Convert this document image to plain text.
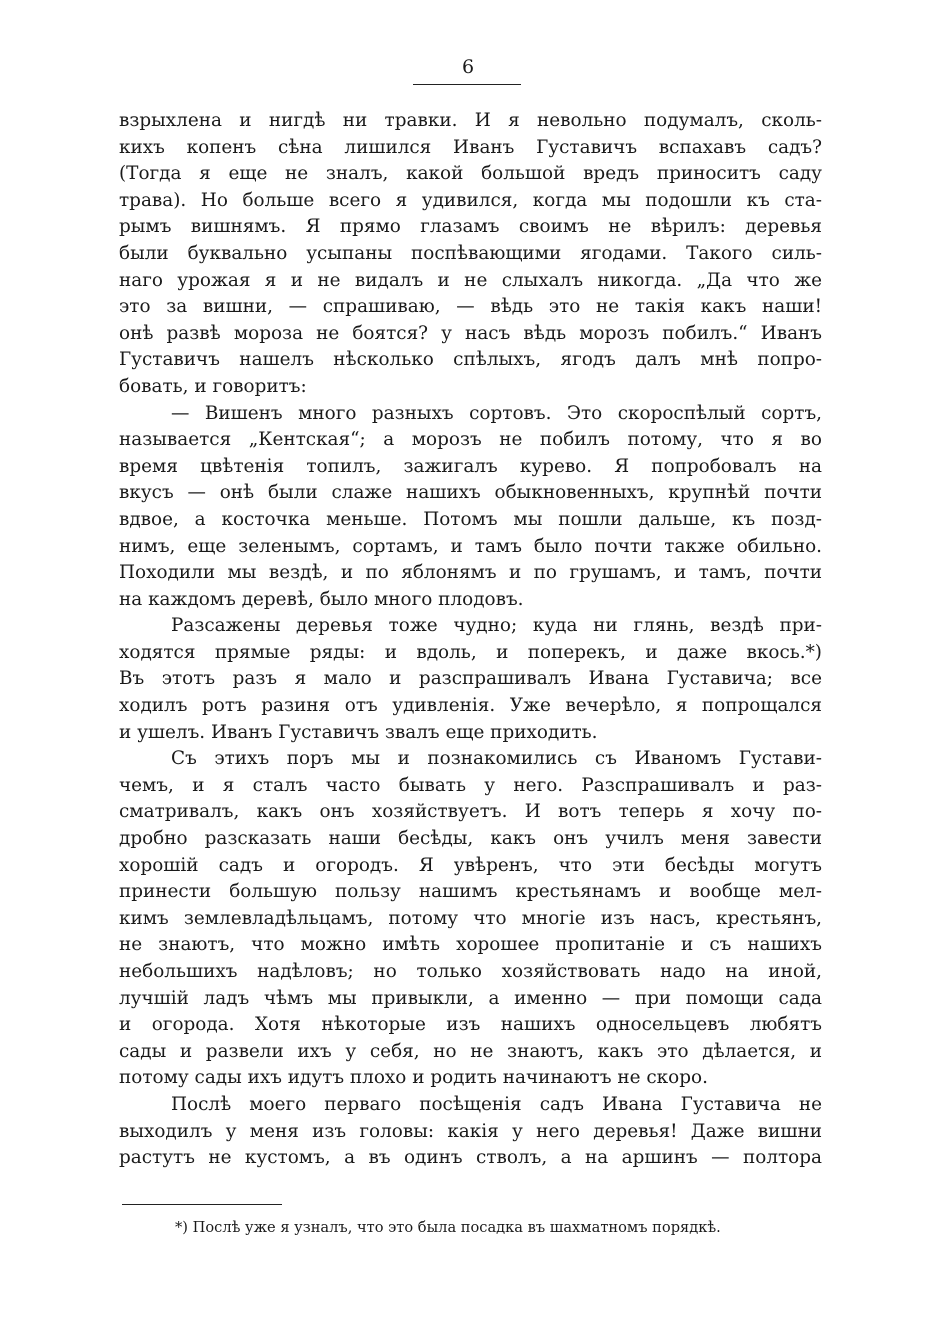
6
взрыхлена и нигдѣ ни травки. И я невольно подумалъ, сколь-
кихъ копенъ сѣна лишился Иванъ Густавичъ вспахавъ садъ?
(Тогда я еще не зналъ, какой большой вредъ приноситъ саду
трава). Но больше всего я удивился, когда мы подошли къ ста-
рымъ вишнямъ. Я прямо глазамъ своимъ не вѣрилъ: деревья
были буквально усыпаны поспѣвающими ягодами. Такого силь-
наго урожая я и не видалъ и не слыхалъ никогда. „Да что же
это за вишни, — спрашиваю, — вѣдь это не такія какъ наши!
онѣ развѣ мороза не боятся? у насъ вѣдь морозъ побилъ.“ Иванъ
Густавичъ нашелъ нѣсколько спѣлыхъ, ягодъ далъ мнѣ попро-
бовать, и говоритъ:
— Вишенъ много разныхъ сортовъ. Это скороспѣлый сортъ,
называется „Кентская“; а морозъ не побилъ потому, что я во
время цвѣтенія топилъ, зажигалъ курево. Я попробовалъ на
вкусъ — онѣ были слаже нашихъ обыкновенныхъ, крупнѣй почти
вдвое, а косточка меньше. Потомъ мы пошли дальше, къ позд-
нимъ, еще зеленымъ, сортамъ, и тамъ было почти также обильно.
Походили мы вездѣ, и по яблонямъ и по грушамъ, и тамъ, почти
на каждомъ деревѣ, было много плодовъ.
Разсажены деревья тоже чудно; куда ни глянь, вездѣ при-
ходятся прямые ряды: и вдоль, и поперекъ, и даже вкось.*)
Въ этотъ разъ я мало и разспрашивалъ Ивана Густавича; все
ходилъ ротъ разиня отъ удивленія. Уже вечерѣло, я попрощался
и ушелъ. Иванъ Густавичъ звалъ еще приходить.
Съ этихъ поръ мы и познакомились съ Иваномъ Густави-
чемъ, и я сталъ часто бывать у него. Разспрашивалъ и раз-
сматривалъ, какъ онъ хозяйствуетъ. И вотъ теперь я хочу по-
дробно разсказать наши бесѣды, какъ онъ училъ меня завести
хорошій садъ и огородъ. Я увѣренъ, что эти бесѣды могутъ
принести большую пользу нашимъ крестьянамъ и вообще мел-
кимъ землевладѣльцамъ, потому что многіе изъ насъ, крестьянъ,
не знаютъ, что можно имѣть хорошее пропитаніе и съ нашихъ
небольшихъ надѣловъ; но только хозяйствовать надо на иной,
лучшій ладъ чѣмъ мы привыкли, а именно — при помощи сада
и огорода. Хотя нѣкоторые изъ нашихъ односельцевъ любятъ
сады и развели ихъ у себя, но не знаютъ, какъ это дѣлается, и
потому сады ихъ идутъ плохо и родить начинаютъ не скоро.
Послѣ моего перваго посѣщенія садъ Ивана Густавича не
выходилъ у меня изъ головы: какія у него деревья! Даже вишни
растутъ не кустомъ, а въ одинъ стволъ, а на аршинъ — полтора
*) Послѣ уже я узналъ, что это была посадка въ шахматномъ порядкѣ.
